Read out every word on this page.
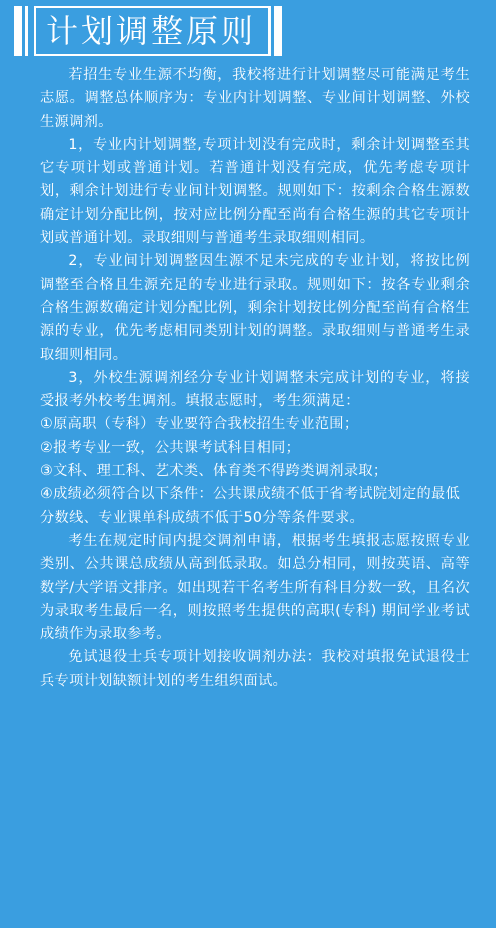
计划调整原则

若招生专业生源不均衡，我校将进行计划调整尽可能满足考生志愿。调整总体顺序为：专业内计划调整、专业间计划调整、外校生源调剂。

1，专业内计划调整,专项计划没有完成时，剩余计划调整至其它专项计划或普通计划。若普通计划没有完成，优先考虑专项计划，剩余计划进行专业间计划调整。规则如下：按剩余合格生源数确定计划分配比例，按对应比例分配至尚有合格生源的其它专项计划或普通计划。录取细则与普通考生录取细则相同。

2，专业间计划调整因生源不足未完成的专业计划，将按比例调整至合格且生源充足的专业进行录取。规则如下：按各专业剩余合格生源数确定计划分配比例，剩余计划按比例分配至尚有合格生源的专业，优先考虑相同类别计划的调整。录取细则与普通考生录取细则相同。

3，外校生源调剂经分专业计划调整未完成计划的专业，将接受报考外校考生调剂。填报志愿时，考生须满足：

①原高职（专科）专业要符合我校招生专业范围；

②报考专业一致，公共课考试科目相同；

③文科、理工科、艺术类、体育类不得跨类调剂录取；

④成绩必须符合以下条件：公共课成绩不低于省考试院划定的最低分数线、专业课单科成绩不低于50分等条件要求。

考生在规定时间内提交调剂申请，根据考生填报志愿按照专业类别、公共课总成绩从高到低录取。如总分相同，则按英语、高等数学/大学语文排序。如出现若干名考生所有科目分数一致，且名次为录取考生最后一名，则按照考生提供的高职(专科) 期间学业考试成绩作为录取参考。

免试退役士兵专项计划接收调剂办法：我校对填报免试退役士兵专项计划缺额计划的考生组织面试。
